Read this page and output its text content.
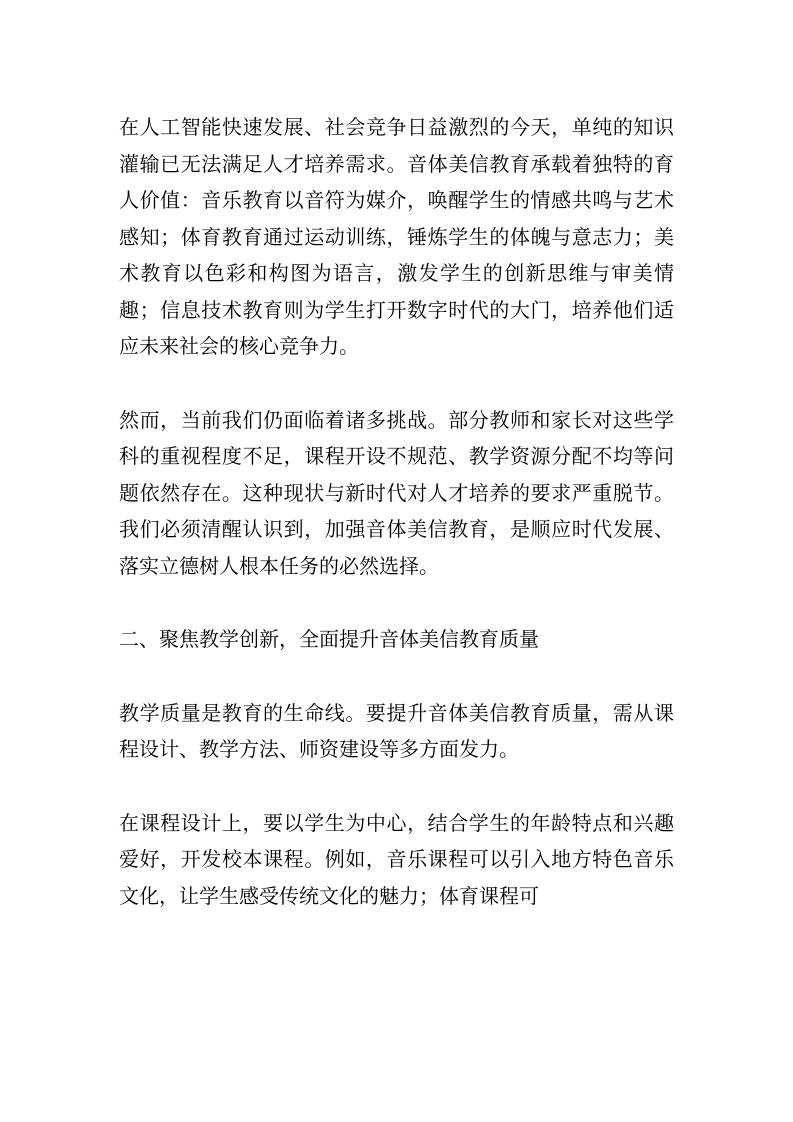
在人工智能快速发展、社会竞争日益激烈的今天，单纯的知识灌输已无法满足人才培养需求。音体美信教育承载着独特的育人价值：音乐教育以音符为媒介，唤醒学生的情感共鸣与艺术感知；体育教育通过运动训练，锤炼学生的体魄与意志力；美术教育以色彩和构图为语言，激发学生的创新思维与审美情趣；信息技术教育则为学生打开数字时代的大门，培养他们适应未来社会的核心竞争力。

然而，当前我们仍面临着诸多挑战。部分教师和家长对这些学科的重视程度不足，课程开设不规范、教学资源分配不均等问题依然存在。这种现状与新时代对人才培养的要求严重脱节。我们必须清醒认识到，加强音体美信教育，是顺应时代发展、落实立德树人根本任务的必然选择。

二、聚焦教学创新，全面提升音体美信教育质量

教学质量是教育的生命线。要提升音体美信教育质量，需从课程设计、教学方法、师资建设等多方面发力。

在课程设计上，要以学生为中心，结合学生的年龄特点和兴趣爱好，开发校本课程。例如，音乐课程可以引入地方特色音乐文化，让学生感受传统文化的魅力；体育课程可
